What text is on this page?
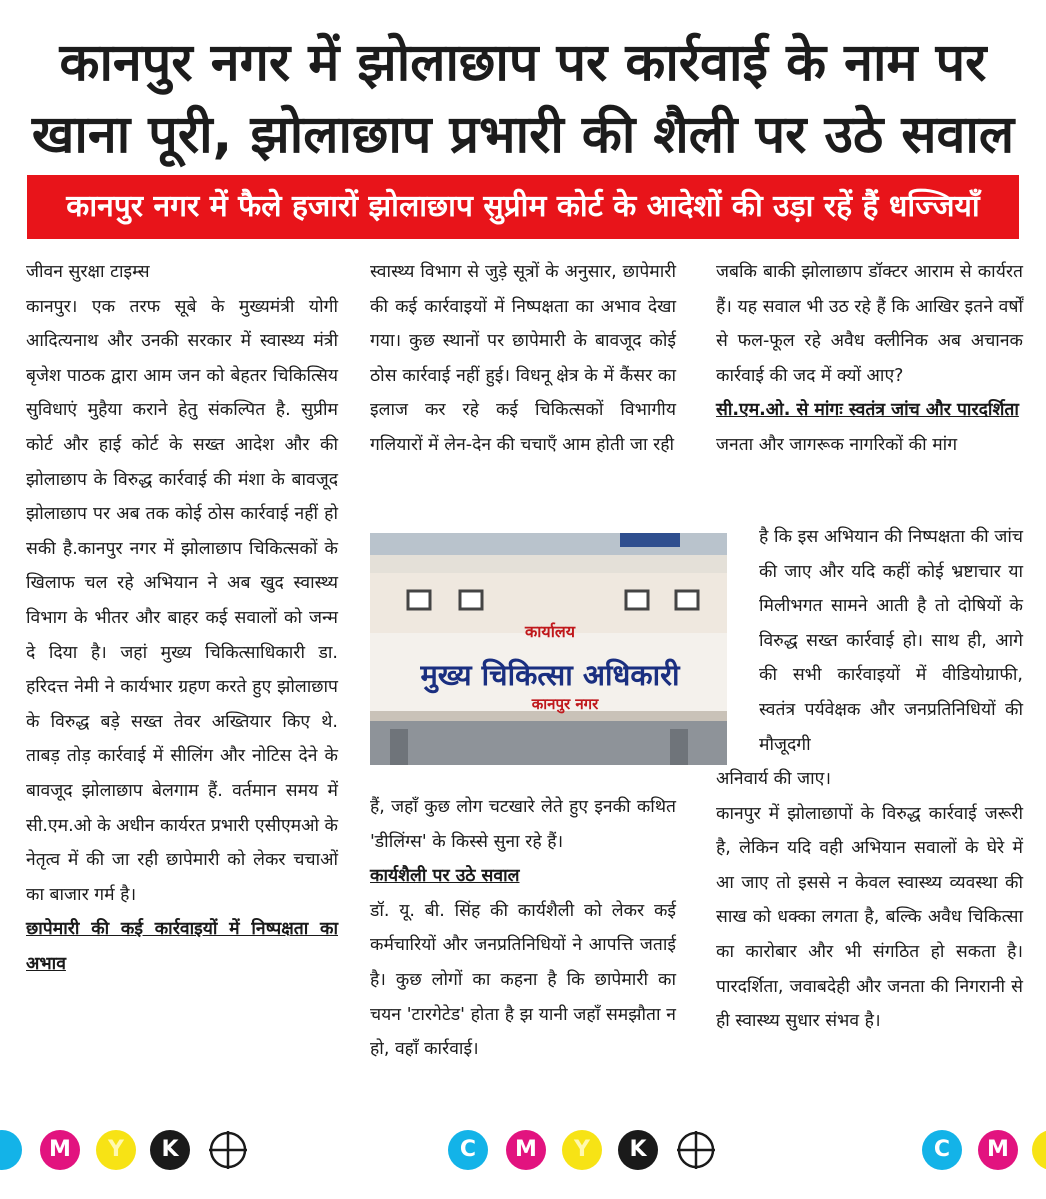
कानपुर नगर में झोलाछाप पर कार्रवाई के नाम पर
खाना पूरी, झोलाछाप प्रभारी की शैली पर उठे सवाल
कानपुर नगर में फैले हजारों झोलाछाप सुप्रीम कोर्ट के आदेशों की उड़ा रहें हैं धज्जियाँ

जीवन सुरक्षा टाइम्स

कानपुर। एक तरफ सूबे के मुख्यमंत्री योगी आदित्यनाथ और उनकी सरकार में स्वास्थ्य मंत्री बृजेश पाठक द्वारा आम जन को बेहतर चिकित्सिय सुविधाएं मुहैया कराने हेतु संकल्पित है. सुप्रीम कोर्ट और हाई कोर्ट के सख्त आदेश और की झोलाछाप के विरुद्ध कार्रवाई की मंशा के बावजूद झोलाछाप पर अब तक कोई ठोस कार्रवाई नहीं हो सकी है.कानपुर नगर में झोलाछाप चिकित्सकों के खिलाफ चल रहे अभियान ने अब खुद स्वास्थ्य विभाग के भीतर और बाहर कई सवालों को जन्म दे दिया है। जहां मुख्य चिकित्साधिकारी डा. हरिदत्त नेमी ने कार्यभार ग्रहण करते हुए झोलाछाप के विरुद्ध बड़े सख्त तेवर अख्तियार किए थे. ताबड़ तोड़ कार्रवाई में सीलिंग और नोटिस देने के बावजूद झोलाछाप बेलगाम हैं. वर्तमान समय में सी.एम.ओ के अधीन कार्यरत प्रभारी एसीएमओ के नेतृत्व में की जा रही छापेमारी को लेकर चचाओं का बाजार गर्म है।

छापेमारी की कई कार्रवाइयों में निष्पक्षता का अभाव

स्वास्थ्य विभाग से जुड़े सूत्रों के अनुसार, छापेमारी की कई कार्रवाइयों में निष्पक्षता का अभाव देखा गया। कुछ स्थानों पर छापेमारी के बावजूद कोई ठोस कार्रवाई नहीं हुई। विधनू क्षेत्र के में कैंसर का इलाज कर रहे कई चिकित्सकों विभागीय गलियारों में लेन-देन की चचाएँ आम होती जा रही

कार्यालय
मुख्य चिकित्सा अधिकारी
कानपुर नगर

हैं, जहाँ कुछ लोग चटखारे लेते हुए इनकी कथित 'डीलिंग्स' के किस्से सुना रहे हैं।

कार्यशैली पर उठे सवाल

डॉ. यू. बी. सिंह की कार्यशैली को लेकर कई कर्मचारियों और जनप्रतिनिधियों ने आपत्ति जताई है। कुछ लोगों का कहना है कि छापेमारी का चयन 'टारगेटेड' होता है झ यानी जहाँ समझौता न हो, वहाँ कार्रवाई।

जबकि बाकी झोलाछाप डॉक्टर आराम से कार्यरत हैं। यह सवाल भी उठ रहे हैं कि आखिर इतने वर्षों से फल-फूल रहे अवैध क्लीनिक अब अचानक कार्रवाई की जद में क्यों आए?

सी.एम.ओ. से मांगः स्वतंत्र जांच और पारदर्शिता

जनता और जागरूक नागरिकों की मांग

है कि इस अभियान की निष्पक्षता की जांच की जाए और यदि कहीं कोई भ्रष्टाचार या मिलीभगत सामने आती है तो दोषियों के विरुद्ध सख्त कार्रवाई हो। साथ ही, आगे की सभी कार्रवाइयों में वीडियोग्राफी, स्वतंत्र पर्यवेक्षक और जनप्रतिनिधियों की मौजूदगी

अनिवार्य की जाए।

कानपुर में झोलाछापों के विरुद्ध कार्रवाई जरूरी है, लेकिन यदि वही अभियान सवालों के घेरे में आ जाए तो इससे न केवल स्वास्थ्य व्यवस्था की साख को धक्का लगता है, बल्कि अवैध चिकित्सा का कारोबार और भी संगठित हो सकता है। पारदर्शिता, जवाबदेही और जनता की निगरानी से ही स्वास्थ्य सुधार संभव है।

M	Y	K	C	M	Y	K	C	M
